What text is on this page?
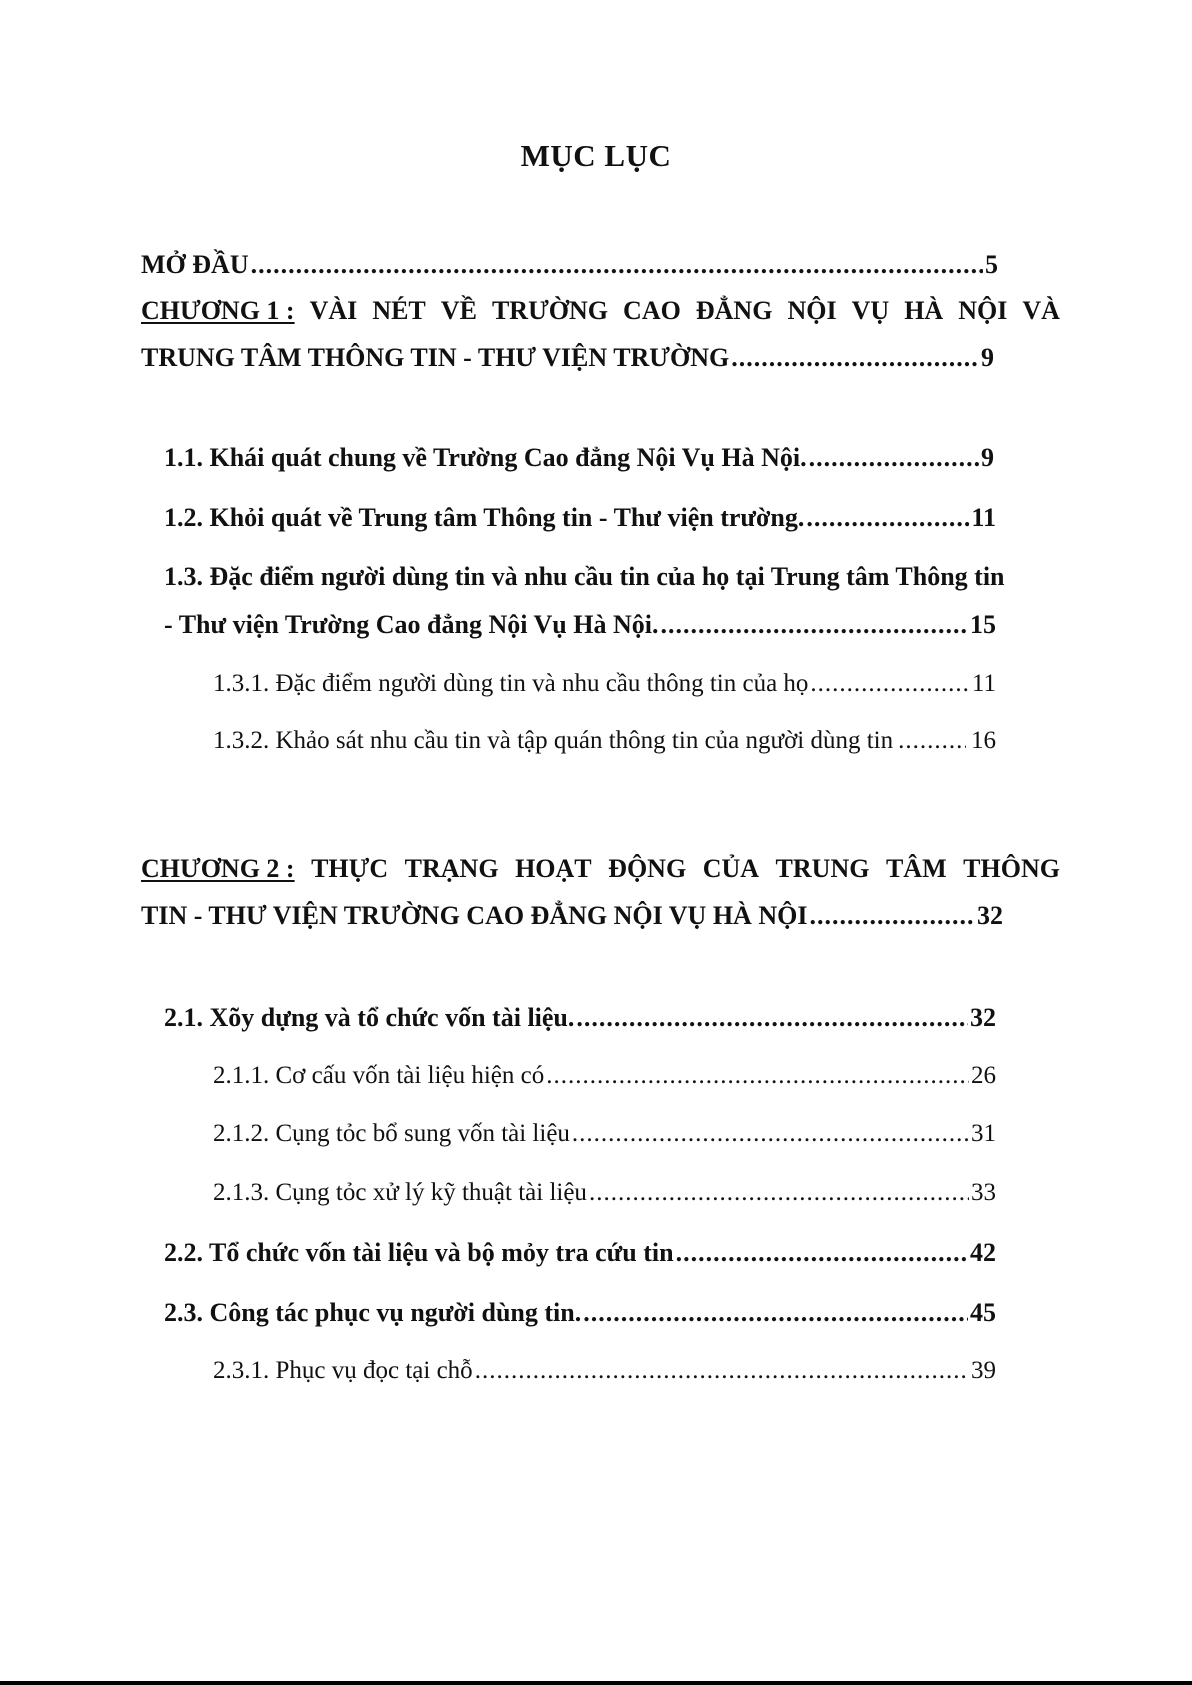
MỤC LỤC
MỞ ĐẦU .....	5
CHƯƠNG 1 : VÀI NÉT VỀ TRƯỜNG CAO ĐẲNG NỘI VỤ HÀ NỘI VÀ
TRUNG TÂM THÔNG TIN - THƯ VIỆN TRƯỜNG .....	9
1.1. Khái quát chung về Trường Cao đẳng Nội Vụ Hà Nội. .....	9
1.2. Khỏi quát về Trung tâm Thông tin - Thư viện trường. .....	11
1.3. Đặc điểm người dùng tin và nhu cầu tin của họ tại Trung tâm Thông tin
- Thư viện Trường Cao đẳng Nội Vụ Hà Nội. .....	15
1.3.1. Đặc điểm người dùng tin và nhu cầu thông tin của họ .....	11
1.3.2. Khảo sát nhu cầu tin và tập quán thông tin của người dùng tin .....	16
CHƯƠNG 2 : THỰC TRẠNG HOẠT ĐỘNG CỦA TRUNG TÂM THÔNG
TIN - THƯ VIỆN TRƯỜNG CAO ĐẲNG NỘI VỤ HÀ NỘI .....	32
2.1. Xõy dựng và tổ chức vốn tài liệu. .....	32
2.1.1. Cơ cấu vốn tài liệu hiện có .....	26
2.1.2. Cụng tỏc bổ sung vốn tài liệu .....	31
2.1.3. Cụng tỏc xử lý kỹ thuật tài liệu .....	33
2.2. Tổ chức vốn tài liệu và bộ mỏy tra cứu tin .....	42
2.3. Công tác phục vụ người dùng tin. .....	45
2.3.1. Phục vụ đọc tại chỗ .....	39
